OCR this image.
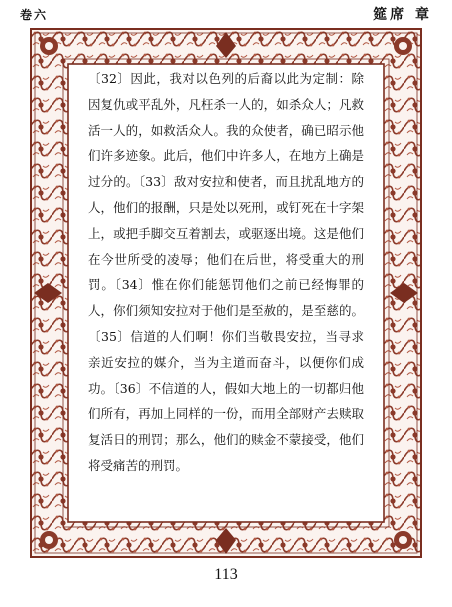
卷六	筵席 章

〔32〕因此，我对以色列的后裔以此为定制：除因复仇或平乱外，凡枉杀一人的，如杀众人；凡救活一人的，如救活众人。我的众使者，确已昭示他们许多迹象。此后，他们中许多人，在地方上确是过分的。〔33〕敌对安拉和使者，而且扰乱地方的人，他们的报酬，只是处以死刑，或钉死在十字架上，或把手脚交互着割去，或驱逐出境。这是他们在今世所受的凌辱；他们在后世，将受重大的刑罚。〔34〕惟在你们能惩罚他们之前已经悔罪的人，你们须知安拉对于他们是至赦的，是至慈的。〔35〕信道的人们啊！你们当敬畏安拉，当寻求亲近安拉的媒介，当为主道而奋斗，以便你们成功。〔36〕不信道的人，假如大地上的一切都归他们所有，再加上同样的一份，而用全部财产去赎取复活日的刑罚；那么，他们的赎金不蒙接受，他们将受痛苦的刑罚。

113
